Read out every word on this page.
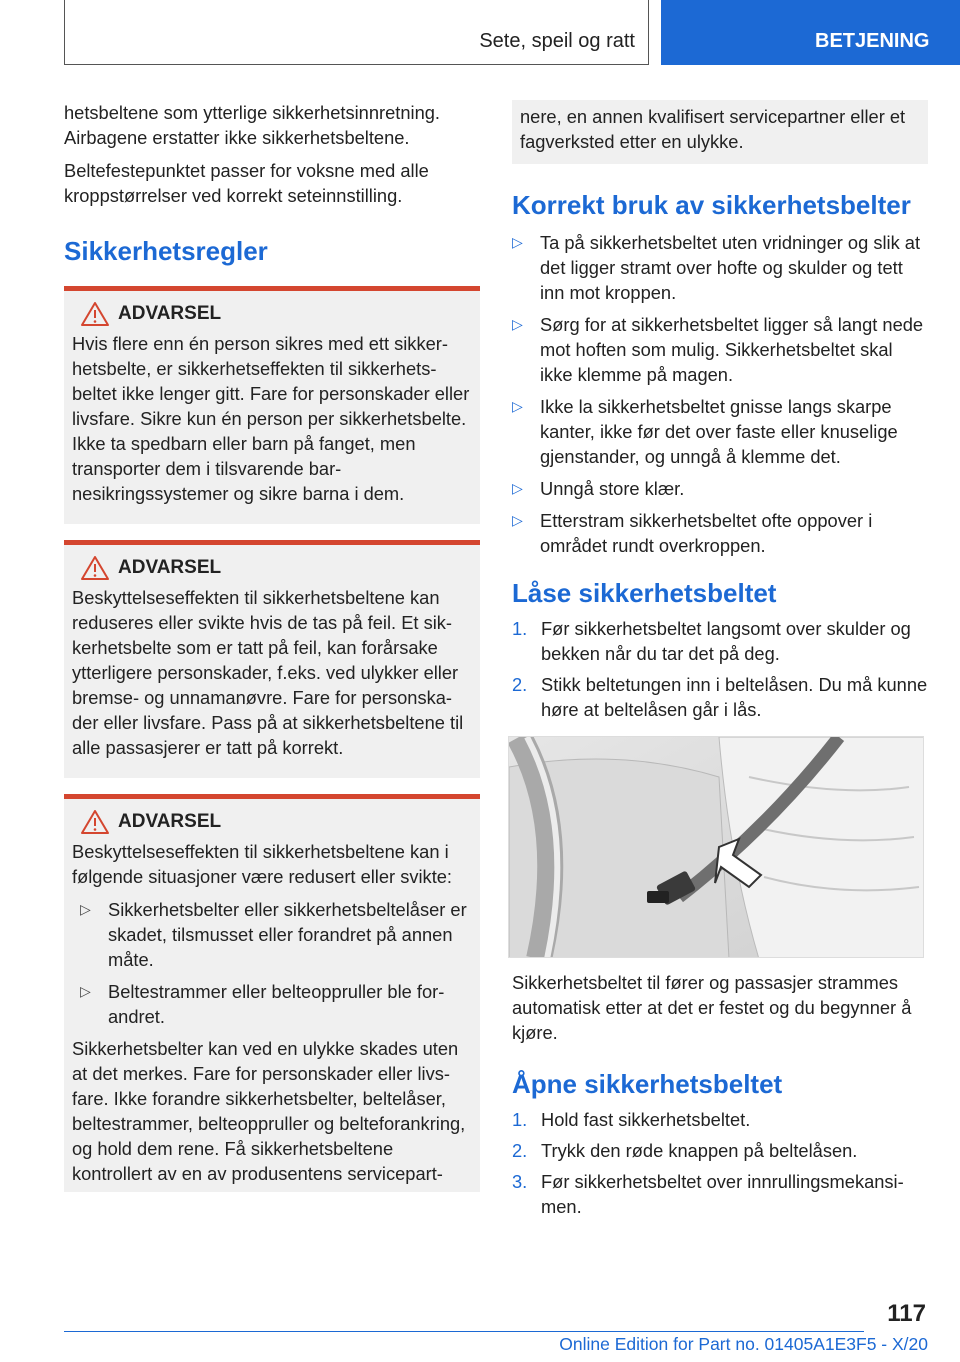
Sete, speil og ratt	BETJENING

hetsbeltene som ytterlige sikkerhetsinnretning. Airbagene erstatter ikke sikkerhetsbeltene.

Beltefestepunktet passer for voksne med alle kroppstørrelser ved korrekt seteinnstilling.

Sikkerhetsregler
ADVARSEL

Hvis flere enn én person sikres med ett sikkerhetsbelte, er sikkerhetseffekten til sikkerhetsbeltet ikke lenger gitt. Fare for personskader eller livsfare. Sikre kun én person per sikkerhetsbelte. Ikke ta spedbarn eller barn på fanget, men transporter dem i tilsvarende barnesikringssystemer og sikre barna i dem.

ADVARSEL

Beskyttelseseffekten til sikkerhetsbeltene kan reduseres eller svikte hvis de tas på feil. Et sikkerhetsbelte som er tatt på feil, kan forårsake ytterligere personskader, f.eks. ved ulykker eller bremse- og unnamanøvre. Fare for personskader eller livsfare. Pass på at sikkerhetsbeltene til alle passasjerer er tatt på korrekt.

ADVARSEL

Beskyttelseseffekten til sikkerhetsbeltene kan i følgende situasjoner være redusert eller svikte:

▷ Sikkerhetsbelter eller sikkerhetsbeltelåser er skadet, tilsmusset eller forandret på annen måte.
▷ Beltestrammer eller belteoppruller ble forandret.

Sikkerhetsbelter kan ved en ulykke skades uten at det merkes. Fare for personskader eller livsfare. Ikke forandre sikkerhetsbelter, beltelåser, beltestrammer, belteoppruller og belteforankring, og hold dem rene. Få sikkerhetsbeltene kontrollert av en av produsentens servicepart-

nere, en annen kvalifisert servicepartner eller et fagverksted etter en ulykke.

Korrekt bruk av sikkerhetsbelter
▷ Ta på sikkerhetsbeltet uten vridninger og slik at det ligger stramt over hofte og skulder og tett inn mot kroppen.
▷ Sørg for at sikkerhetsbeltet ligger så langt nede mot hoften som mulig. Sikkerhetsbeltet skal ikke klemme på magen.
▷ Ikke la sikkerhetsbeltet gnisse langs skarpe kanter, ikke før det over faste eller knuselige gjenstander, og unngå å klemme det.
▷ Unngå store klær.
▷ Etterstram sikkerhetsbeltet ofte oppover i området rundt overkroppen.
Låse sikkerhetsbeltet
1. Før sikkerhetsbeltet langsomt over skulder og bekken når du tar det på deg.
2. Stikk beltetungen inn i beltelåsen. Du må kunne høre at beltelåsen går i lås.

Sikkerhetsbeltet til fører og passasjer strammes automatisk etter at det er festet og du begynner å kjøre.

Åpne sikkerhetsbeltet
1. Hold fast sikkerhetsbeltet.
2. Trykk den røde knappen på beltelåsen.
3. Før sikkerhetsbeltet over innrullingsmekansimen.
117
Online Edition for Part no. 01405A1E3F5 - X/20
